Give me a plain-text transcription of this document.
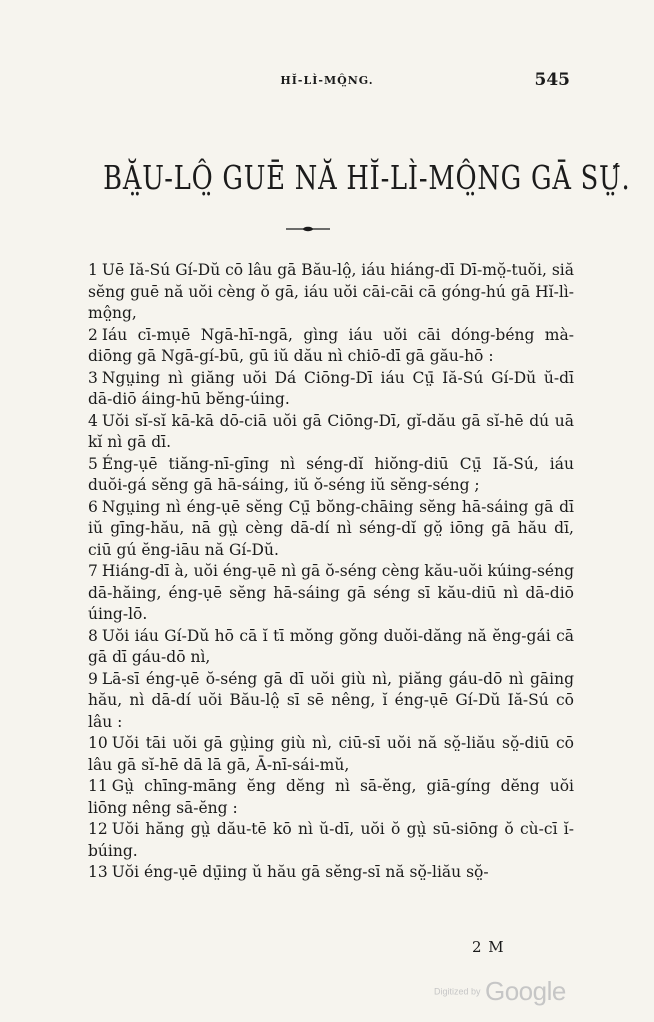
HĬ-LÌ-MÔ̤NG.	545
BĂ̤U-LÔ̤ GUĒ NĂ HĬ-LÌ-MÔ̤NG GĀ SṲ́.

1 Uē Iă-Sú Gí-Dŭ cō lâu gā Bău-lô̤, iáu hiáng-dī Dī-mŏ̤-tuŏi, siă sĕng guē nă uŏi cèng ŏ gā, iáu uŏi cāi-cāi cā góng-hú gā Hĭ-lì-mô̤ng,

2 Iáu cī-mụē Ngā-hī-ngā, gìng iáu uŏi cāi dóng-béng mà-diōng gā Ngā-gí-bū, gū iŭ dău nì chiō-dī gā gău-hō :

3 Ngṳing nì giăng uŏi Dá Ciōng-Dī iáu Cṳ̄ Iă-Sú Gí-Dŭ ŭ-dī dā-diō áing-hū bĕng-úing.

4 Uŏi sĭ-sĭ kā-kā dō-ciā uŏi gā Ciōng-Dī, gĭ-dău gā sĭ-hē dú uā kĭ nì gā dī.

5 Éng-ụē tiăng-nī-gīng nì séng-dĭ hiŏng-diū Cṳ̄ Iă-Sú, iáu duŏi-gá sĕng gā hā-sáing, iŭ ŏ-séng iŭ sĕng-séng ;

6 Ngṳing nì éng-ụē sĕng Cṳ̄ bŏng-chāing sĕng hā-sáing gā dī iŭ gīng-hău, nā gṳ̀ cèng dā-dí nì séng-dĭ gŏ̤ iōng gā hău dī, ciū gú ĕng-iāu nă Gí-Dŭ.

7 Hiáng-dī à, uŏi éng-ụē nì gā ŏ-séng cèng kău-uŏi kúing-séng dā-hăing, éng-ụē sĕng hā-sáing gā séng sī kău-diū nì dā-diō úing-lō.

8 Uŏi iáu Gí-Dŭ hō cā ĭ tī mŏng gŏng duŏi-dăng nă ĕng-gái cā gā dī gáu-dō nì,

9 Lā-sī éng-ụē ŏ-séng gā dī uŏi giù nì, piăng gáu-dō nì gāing hău, nì dā-dí uŏi Bău-lô̤ sī sē nêng, ĭ éng-ụē Gí-Dŭ Iă-Sú cō lâu :

10 Uŏi tāi uŏi gā gṳ̀ing giù nì, ciū-sī uŏi nă sŏ̤-liău sŏ̤-diū cō lâu gā sĭ-hē dā lā gā, Ā-nī-sái-mŭ,

11 Gṳ̀ chīng-māng ĕng dĕng nì sā-ĕng, giā-gíng dĕng uŏi liōng nêng sā-ĕng :

12 Uŏi hăng gṳ̀ dău-tē kō nì ŭ-dī, uŏi ŏ gṳ̀ sū-siōng ŏ cù-cī ĭ-búing.

13 Uŏi éng-ụē dṳ̄ing ŭ hău gā sĕng-sī nă sŏ̤-liău sŏ̤-

2 M
Digitized by Google
